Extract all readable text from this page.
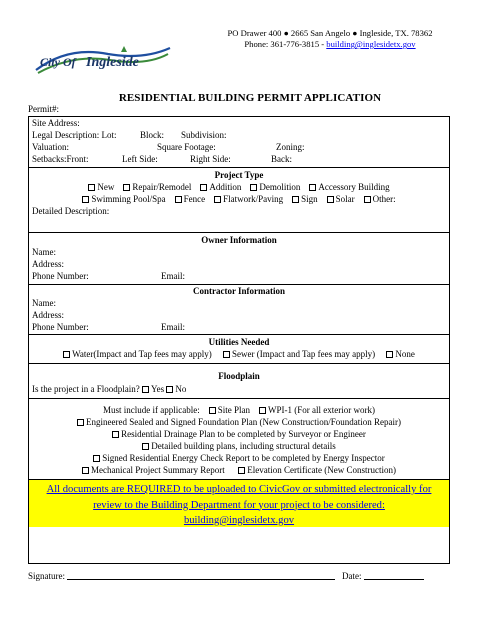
City Of Ingleside
PO Drawer 400 ● 2665 San Angelo ● Ingleside, TX. 78362
Phone: 361-776-3815 - building@inglesidetx.gov
RESIDENTIAL BUILDING PERMIT APPLICATION
Permit#:
Site Address:
Legal Description: Lot:	Block: Subdivision:
Valuation:	Square Footage:	Zoning:
Setbacks:Front:	Left Side:	Right Side:	Back:
Project Type
New Repair/Remodel Addition Demolition Accessory Building
Swimming Pool/Spa Fence Flatwork/Paving Sign Solar Other:
Detailed Description:
Owner Information
Name:
Address:
Phone Number:	Email:
Contractor Information
Name:
Address:
Phone Number:	Email:
Utilities Needed
Water(Impact and Tap fees may apply) Sewer (Impact and Tap fees may apply) None
Floodplain
Is the project in a Floodplain? Yes No
Must include if applicable: Site Plan WPI-1 (For all exterior work)
Engineered Sealed and Signed Foundation Plan (New Construction/Foundation Repair)
Residential Drainage Plan to be completed by Surveyor or Engineer
Detailed building plans, including structural details
Signed Residential Energy Check Report to be completed by Energy Inspector
Mechanical Project Summary Report	Elevation Certificate (New Construction)
All documents are REQUIRED to be uploaded to CivicGov or submitted electronically for
review to the Building Department for your project to be considered:
building@inglesidetx.gov
Signature:	Date:
